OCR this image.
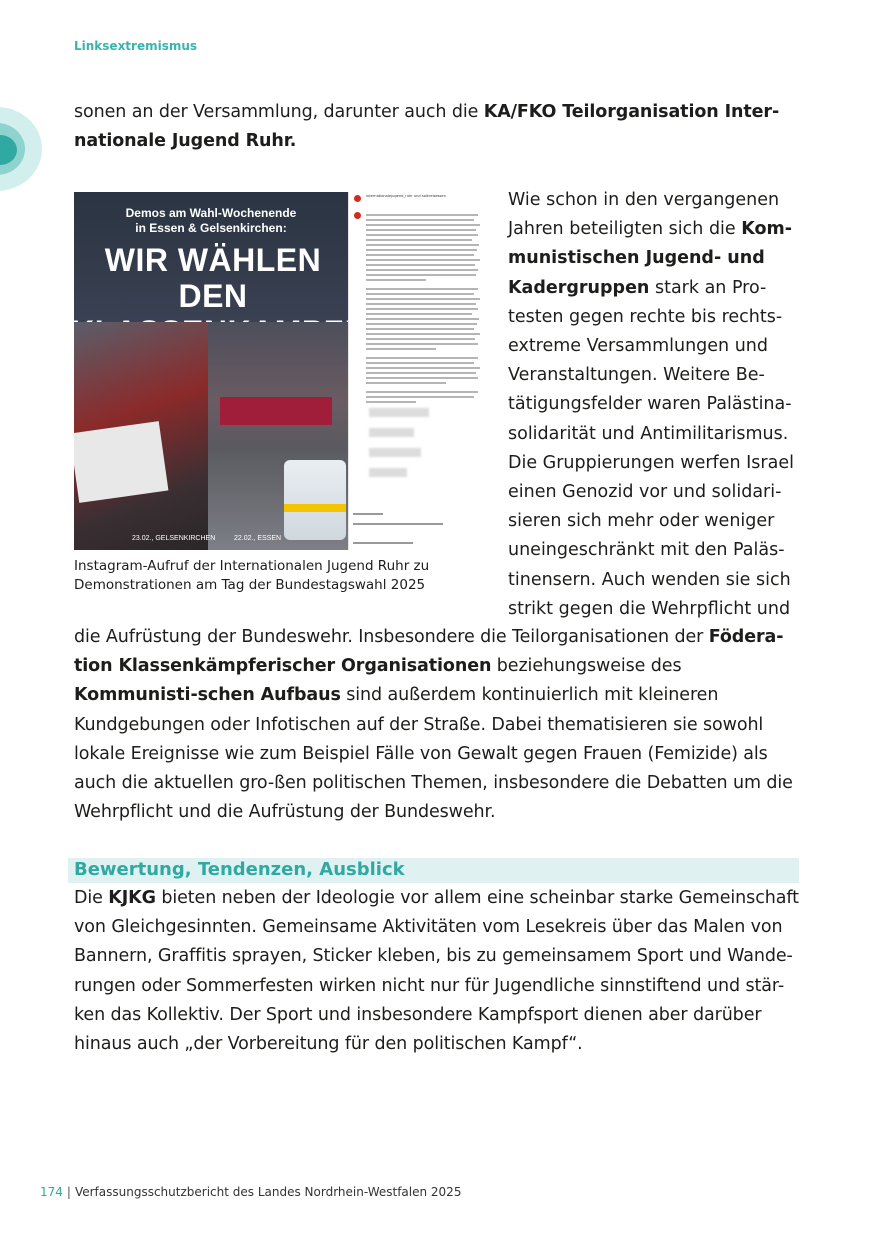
Linksextremismus

sonen an der Versammlung, darunter auch die KA/FKO Teilorganisation Inter-
nationale Jugend Ruhr.

Demos am Wahl-Wochenende
in Essen & Gelsenkirchen:
WIR WÄHLEN DEN
23.02., GELSENKIRCHEN	22.02., ESSEN
internationalejugend_ruhr und solkreisessen

Instagram-Aufruf der Internationalen Jugend Ruhr zu
Demonstrationen am Tag der Bundestagswahl 2025

Wie schon in den vergangenen Jahren beteiligten sich die Kom-munistischen Jugend- und Kadergruppen stark an Pro-testen gegen rechte bis rechts-extreme Versammlungen und Veranstaltungen. Weitere Be-tätigungsfelder waren Palästina-solidarität und Antimilitarismus. Die Gruppierungen werfen Israel einen Genozid vor und solidari-sieren sich mehr oder weniger uneingeschränkt mit den Paläs-tinensern. Auch wenden sie sich strikt gegen die Wehrpflicht und

die Aufrüstung der Bundeswehr. Insbesondere die Teilorganisationen der Födera-tion Klassenkämpferischer Organisationen beziehungsweise des Kommunisti-schen Aufbaus sind außerdem kontinuierlich mit kleineren Kundgebungen oder Infotischen auf der Straße. Dabei thematisieren sie sowohl lokale Ereignisse wie zum Beispiel Fälle von Gewalt gegen Frauen (Femizide) als auch die aktuellen gro-ßen politischen Themen, insbesondere die Debatten um die Wehrpflicht und die Aufrüstung der Bundeswehr.

Bewertung, Tendenzen, Ausblick

Die KJKG bieten neben der Ideologie vor allem eine scheinbar starke Gemeinschaft von Gleichgesinnten. Gemeinsame Aktivitäten vom Lesekreis über das Malen von Bannern, Graffitis sprayen, Sticker kleben, bis zu gemeinsamem Sport und Wande-rungen oder Sommerfesten wirken nicht nur für Jugendliche sinnstiftend und stär-ken das Kollektiv. Der Sport und insbesondere Kampfsport dienen aber darüber hinaus auch „der Vorbereitung für den politischen Kampf“.

174 | Verfassungsschutzbericht des Landes Nordrhein-Westfalen 2025
